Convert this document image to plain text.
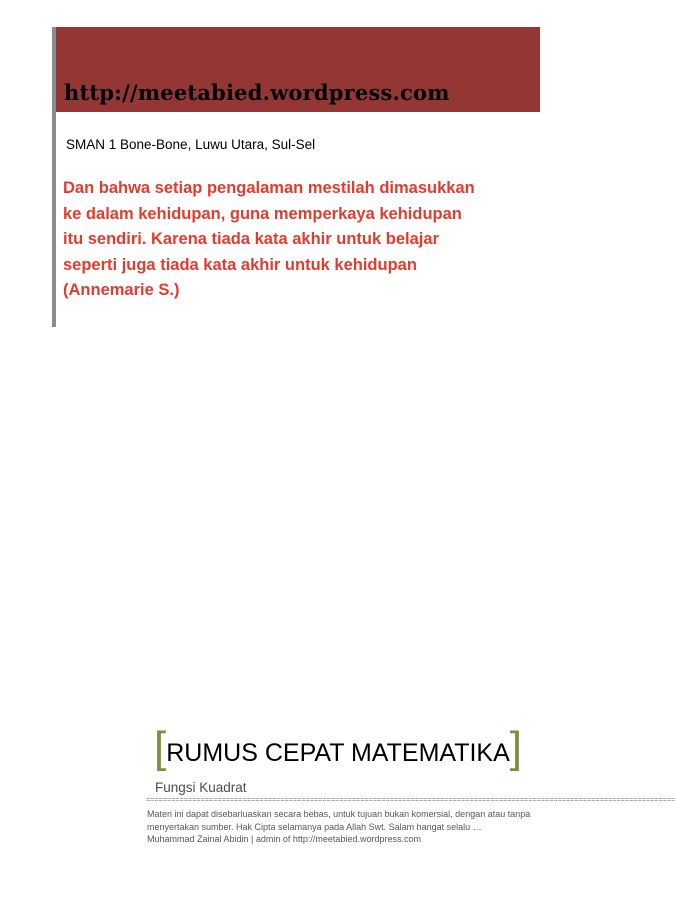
http://meetabied.wordpress.com
SMAN 1 Bone-Bone, Luwu Utara, Sul-Sel
Dan bahwa setiap pengalaman mestilah dimasukkan
ke dalam kehidupan, guna memperkaya kehidupan
itu sendiri. Karena tiada kata akhir untuk belajar
seperti juga tiada kata akhir untuk kehidupan
(Annemarie S.)
[RUMUS CEPAT MATEMATIKA]
Fungsi Kuadrat
==============================================================================================================================
Materi ini dapat disebarluaskan secara bebas, untuk tujuan bukan komersial, dengan atau tanpa
menyertakan sumber. Hak Cipta selamanya pada Allah Swt. Salam hangat selalu …
Muhammad Zainal Abidin | admin of http://meetabied.wordpress.com
